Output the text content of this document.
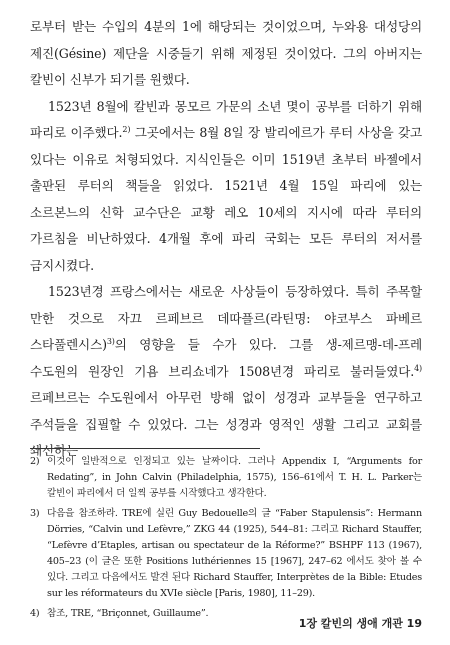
로부터 받는 수입의 4분의 1에 해당되는 것이었으며, 누와용 대성당의 제진(Gésine) 제단을 시중들기 위해 제정된 것이었다. 그의 아버지는 칼빈이 신부가 되기를 원했다.

1523년 8월에 칼빈과 몽모르 가문의 소년 몇이 공부를 더하기 위해 파리로 이주했다.$^{2)}$ 그곳에서는 8월 8일 장 발리에르가 루터 사상을 갖고 있다는 이유로 처형되었다. 지식인들은 이미 1519년 초부터 바젤에서 출판된 루터의 책들을 읽었다. 1521년 4월 15일 파리에 있는 소르본느의 신학 교수단은 교황 레오 10세의 지시에 따라 루터의 가르침을 비난하였다. 4개월 후에 파리 국회는 모든 루터의 저서를 금지시켰다.

1523년경 프랑스에서는 새로운 사상들이 등장하였다. 특히 주목할 만한 것으로 자끄 르페브르 데따플르(라틴명: 야코부스 파베르 스타풀렌시스)$^{3)}$의 영향을 들 수가 있다. 그를 생-제르맹-데-프레 수도원의 원장인 기욤 브리쇼네가 1508년경 파리로 불러들였다.$^{4)}$ 르페브르는 수도원에서 아무런 방해 없이 성경과 교부들을 연구하고 주석들을 집필할 수 있었다. 그는 성경과 영적인 생활 그리고 교회를 쇄신하는

2) 이것이 일반적으로 인정되고 있는 날짜이다. 그러나 Appendix I, “Arguments for Redating”, in John Calvin (Philadelphia, 1575), 156–61에서 T. H. L. Parker는 칼빈이 파리에서 더 일찍 공부를 시작했다고 생각한다.
3) 다음을 참조하라. TRE에 실린 Guy Bedouelle의 글 “Faber Stapulensis”: Hermann Dörries, “Calvin und Lefèvre,” ZKG 44 (1925), 544–81: 그리고 Richard Stauffer, “Lefèvre d’Etaples, artisan ou spectateur de la Réforme?” BSHPF 113 (1967), 405–23 (이 글은 또한 Positions luthériennes 15 [1967], 247–62 에서도 찾아 볼 수 있다. 그리고 다음에서도 발견 된다 Richard Stauffer, Interprètes de la Bible: Etudes sur les réformateurs du XVIe siècle [Paris, 1980], 11–29).
4) 참조, TRE, “Briçonnet, Guillaume”.
1장 칼빈의 생애 개관 19
